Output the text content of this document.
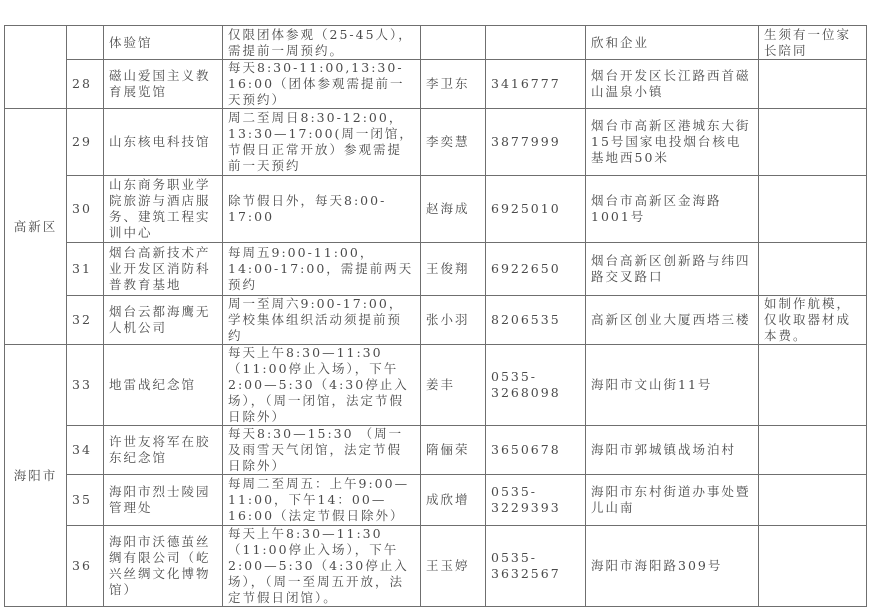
		体验馆	仅限团体参观（25-45人），需提前一周预约。			欣和企业	生须有一位家长陪同
	28	磁山爱国主义教育展览馆	每天8:30-11:00,13:30-16:00（团体参观需提前一天预约）	李卫东	3416777	烟台开发区长江路西首磁山温泉小镇	
高新区	29	山东核电科技馆	周二至周日8:30-12:00，13:30—17:00(周一闭馆，节假日正常开放）参观需提前一天预约	李奕慧	3877999	烟台市高新区港城东大街15号国家电投烟台核电基地西50米	
	30	山东商务职业学院旅游与酒店服务、建筑工程实训中心	除节假日外，每天8:00-17:00	赵海成	6925010	烟台市高新区金海路1001号	
	31	烟台高新技术产业开发区消防科普教育基地	每周五9:00-11:00，14:00-17:00，需提前两天预约	王俊翔	6922650	烟台高新区创新路与纬四路交叉路口	
	32	烟台云都海鹰无人机公司	周一至周六9:00-17:00，学校集体组织活动须提前预约	张小羽	8206535	高新区创业大厦西塔三楼	如制作航模，仅收取器材成本费。
海阳市	33	地雷战纪念馆	每天上午8:30—11:30（11:00停止入场），下午2:00—5:30（4:30停止入场），（周一闭馆，法定节假日除外）	姜丰	0535-3268098	海阳市文山街11号	
	34	许世友将军在胶东纪念馆	每天8:30—15:30 （周一及雨雪天气闭馆，法定节假日除外）	隋俪荣	3650678	海阳市郭城镇战场泊村	
	35	海阳市烈士陵园管理处	每周二至周五：上午9:00—11:00，下午14：00—16:00（法定节假日除外）	成欣增	0535-3229393	海阳市东村街道办事处暨儿山南	
	36	海阳市沃德茧丝绸有限公司（屹兴丝绸文化博物馆）	每天上午8:30—11:30（11:00停止入场），下午2:00—5:30（4:30停止入场），（周一至周五开放，法定节假日闭馆）。	王玉婷	0535-3632567	海阳市海阳路309号	
